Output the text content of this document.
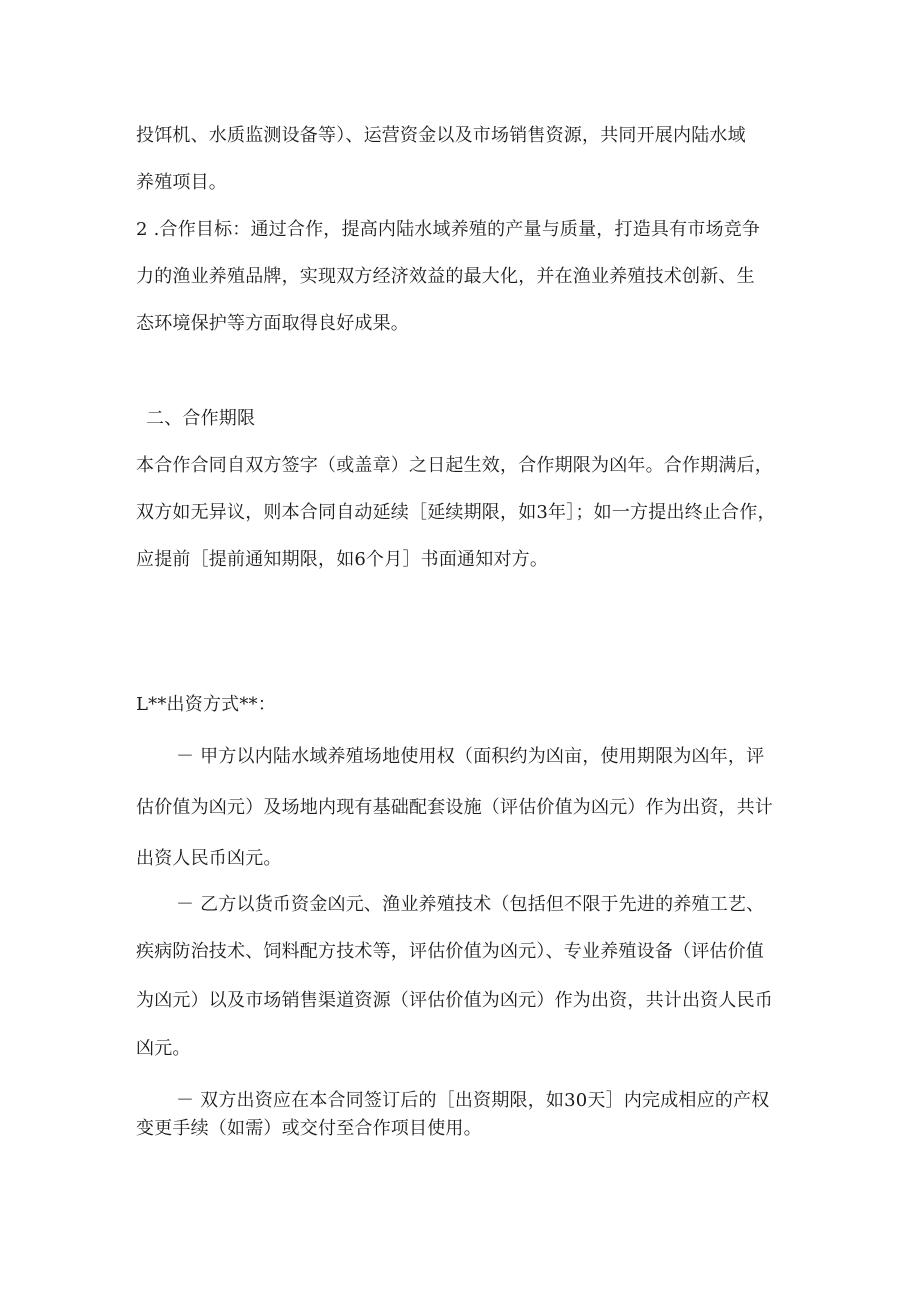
投饵机、水质监测设备等）、运营资金以及市场销售资源，共同开展内陆水域
养殖项目。
2 .合作目标：通过合作，提高内陆水域养殖的产量与质量，打造具有市场竞争
力的渔业养殖品牌，实现双方经济效益的最大化，并在渔业养殖技术创新、生
态环境保护等方面取得良好成果。
二、合作期限
本合作合同自双方签字（或盖章）之日起生效，合作期限为凶年。合作期满后，
双方如无异议，则本合同自动延续［延续期限，如3年］；如一方提出终止合作，
应提前［提前通知期限，如6个月］书面通知对方。
L**出资方式**：
－ 甲方以内陆水域养殖场地使用权（面积约为凶亩，使用期限为凶年，评
估价值为凶元）及场地内现有基础配套设施（评估价值为凶元）作为出资，共计
出资人民币凶元。
－ 乙方以货币资金凶元、渔业养殖技术（包括但不限于先进的养殖工艺、
疾病防治技术、饲料配方技术等，评估价值为凶元）、专业养殖设备（评估价值
为凶元）以及市场销售渠道资源（评估价值为凶元）作为出资，共计出资人民币
凶元。
－ 双方出资应在本合同签订后的［出资期限，如30天］内完成相应的产权
变更手续（如需）或交付至合作项目使用。
